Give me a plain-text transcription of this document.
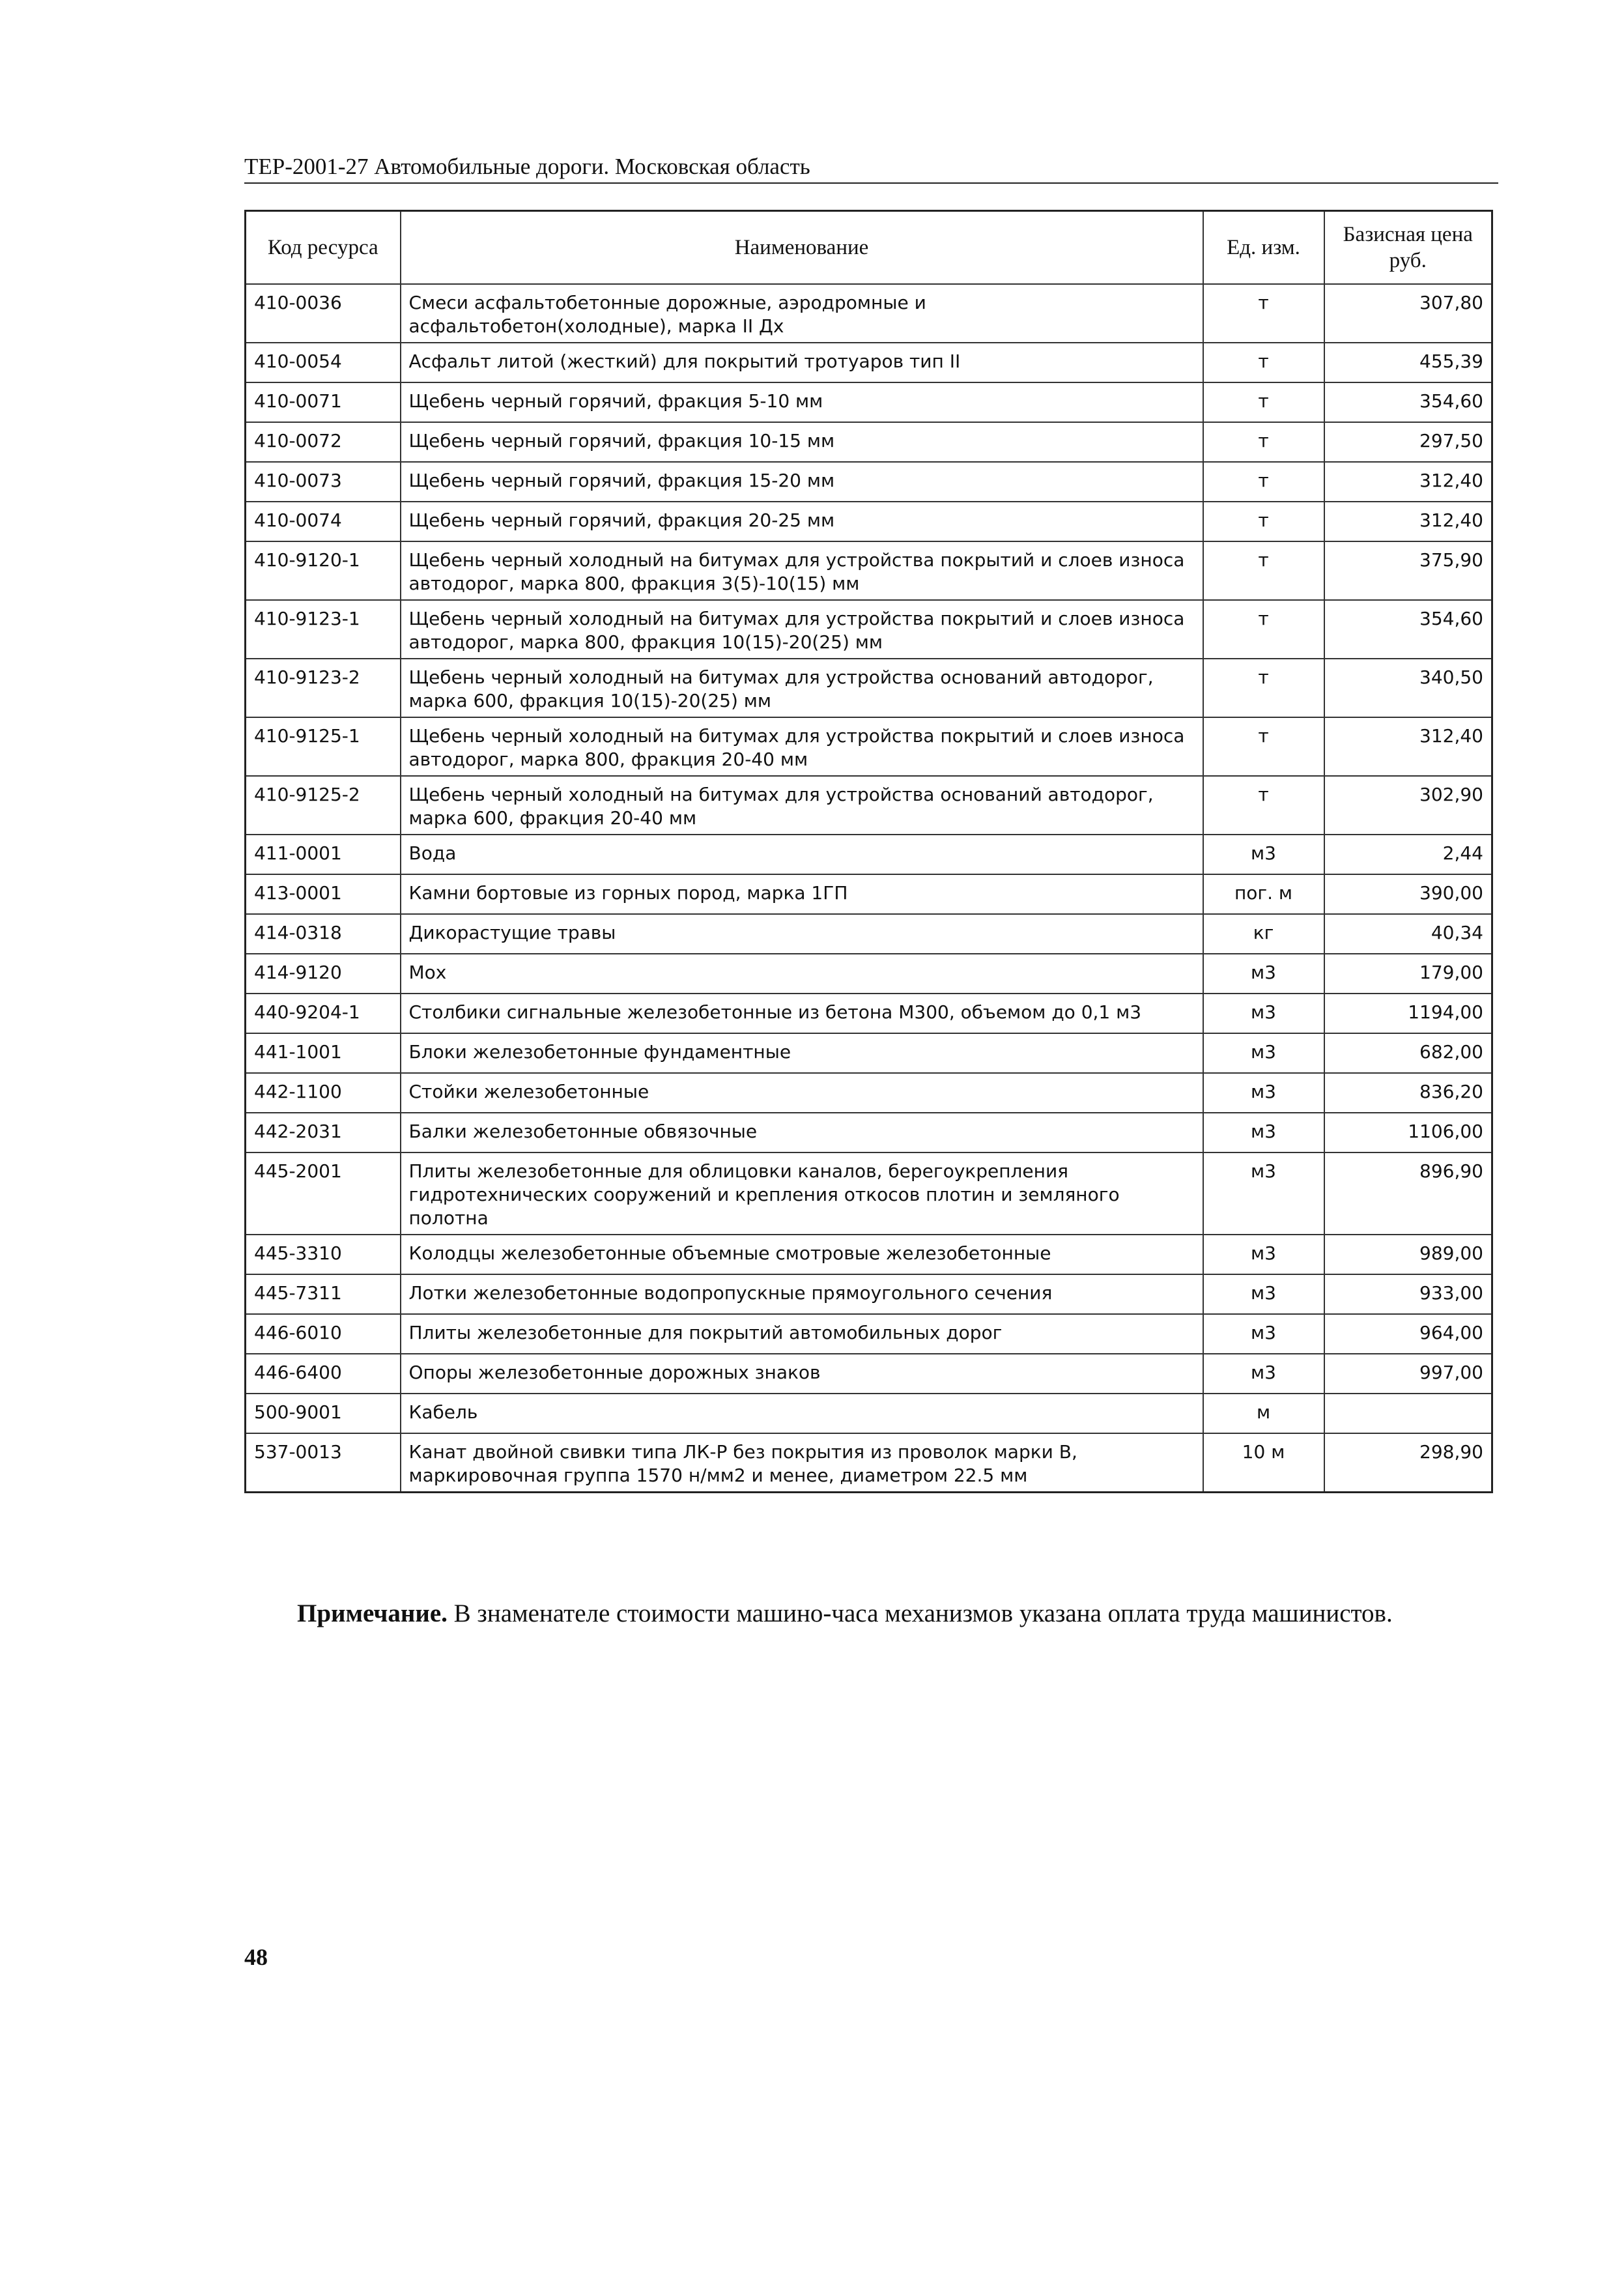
ТЕР-2001-27 Автомобильные дороги. Московская область
Код ресурса	Наименование	Ед. изм.	Базисная цена руб.
410-0036	Смеси асфальтобетонные дорожные, аэродромные и асфальтобетон(холодные), марка II Дх	т	307,80
410-0054	Асфальт литой (жесткий) для покрытий тротуаров тип II	т	455,39
410-0071	Щебень черный горячий, фракция 5-10 мм	т	354,60
410-0072	Щебень черный горячий, фракция 10-15 мм	т	297,50
410-0073	Щебень черный горячий, фракция 15-20 мм	т	312,40
410-0074	Щебень черный горячий, фракция 20-25 мм	т	312,40
410-9120-1	Щебень черный холодный на битумах для устройства покрытий и слоев износа автодорог, марка 800, фракция 3(5)-10(15) мм	т	375,90
410-9123-1	Щебень черный холодный на битумах для устройства покрытий и слоев износа автодорог, марка 800, фракция 10(15)-20(25) мм	т	354,60
410-9123-2	Щебень черный холодный на битумах для устройства оснований автодорог, марка 600, фракция 10(15)-20(25) мм	т	340,50
410-9125-1	Щебень черный холодный на битумах для устройства покрытий и слоев износа автодорог, марка 800, фракция 20-40 мм	т	312,40
410-9125-2	Щебень черный холодный на битумах для устройства оснований автодорог, марка 600, фракция 20-40 мм	т	302,90
411-0001	Вода	м3	2,44
413-0001	Камни бортовые из горных пород, марка 1ГП	пог. м	390,00
414-0318	Дикорастущие травы	кг	40,34
414-9120	Мох	м3	179,00
440-9204-1	Столбики сигнальные железобетонные из бетона М300, объемом до 0,1 м3	м3	1194,00
441-1001	Блоки железобетонные фундаментные	м3	682,00
442-1100	Стойки железобетонные	м3	836,20
442-2031	Балки железобетонные обвязочные	м3	1106,00
445-2001	Плиты железобетонные для облицовки каналов, берегоукрепления гидротехнических сооружений и крепления откосов плотин и земляного полотна	м3	896,90
445-3310	Колодцы железобетонные объемные смотровые железобетонные	м3	989,00
445-7311	Лотки железобетонные водопропускные прямоугольного сечения	м3	933,00
446-6010	Плиты железобетонные для покрытий автомобильных дорог	м3	964,00
446-6400	Опоры железобетонные дорожных знаков	м3	997,00
500-9001	Кабель	м	
537-0013	Канат двойной свивки типа ЛК-Р без покрытия из проволок марки В, маркировочная группа 1570 н/мм2 и менее, диаметром 22.5 мм	10 м	298,90
Примечание. В знаменателе стоимости машино-часа механизмов указана оплата труда машинистов.
48
